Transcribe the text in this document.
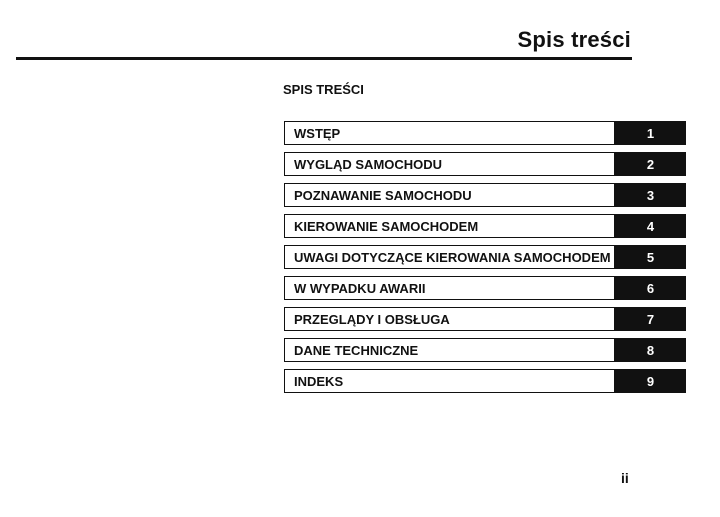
Spis treści
SPIS TREŚCI
WSTĘP	1
WYGLĄD SAMOCHODU	2
POZNAWANIE SAMOCHODU	3
KIEROWANIE SAMOCHODEM	4
UWAGI DOTYCZĄCE KIEROWANIA SAMOCHODEM	5
W WYPADKU AWARII	6
PRZEGLĄDY I OBSŁUGA	7
DANE TECHNICZNE	8
INDEKS	9
ii
